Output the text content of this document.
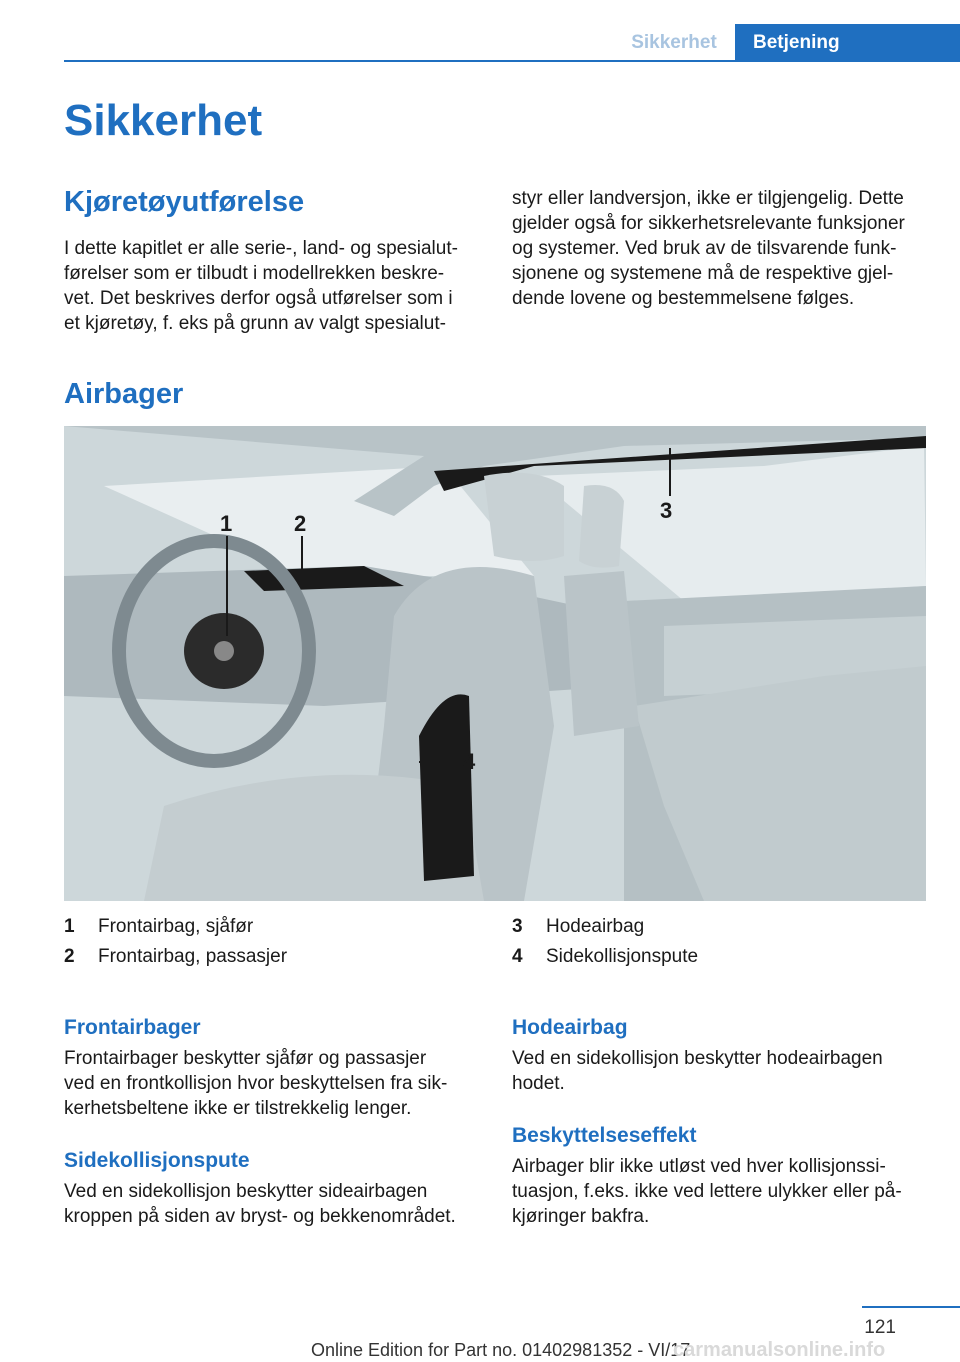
Sikkerhet	Betjening
Sikkerhet
Kjøretøyutførelse
I dette kapitlet er alle serie-, land- og spesialut-
førelser som er tilbudt i modellrekken beskre-
vet. Det beskrives derfor også utførelser som i
et kjøretøy, f. eks på grunn av valgt spesialut-
styr eller landversjon, ikke er tilgjengelig. Dette
gjelder også for sikkerhetsrelevante funksjoner
og systemer. Ved bruk av de tilsvarende funk-
sjonene og systemene må de respektive gjel-
dende lovene og bestemmelsene følges.
Airbager
1	2
3
4
1 Frontairbag, sjåfør
2 Frontairbag, passasjer
3 Hodeairbag
4 Sidekollisjonspute
Frontairbager
Frontairbager beskytter sjåfør og passasjer
ved en frontkollisjon hvor beskyttelsen fra sik-
kerhetsbeltene ikke er tilstrekkelig lenger.
Sidekollisjonspute
Ved en sidekollisjon beskytter sideairbagen
kroppen på siden av bryst- og bekkenområdet.
Hodeairbag
Ved en sidekollisjon beskytter hodeairbagen
hodet.
Beskyttelseseffekt
Airbager blir ikke utløst ved hver kollisjonssi-
tuasjon, f.eks. ikke ved lettere ulykker eller på-
kjøringer bakfra.
121
Online Edition for Part no. 01402981352 - VI/17
carmanualsonline.info
